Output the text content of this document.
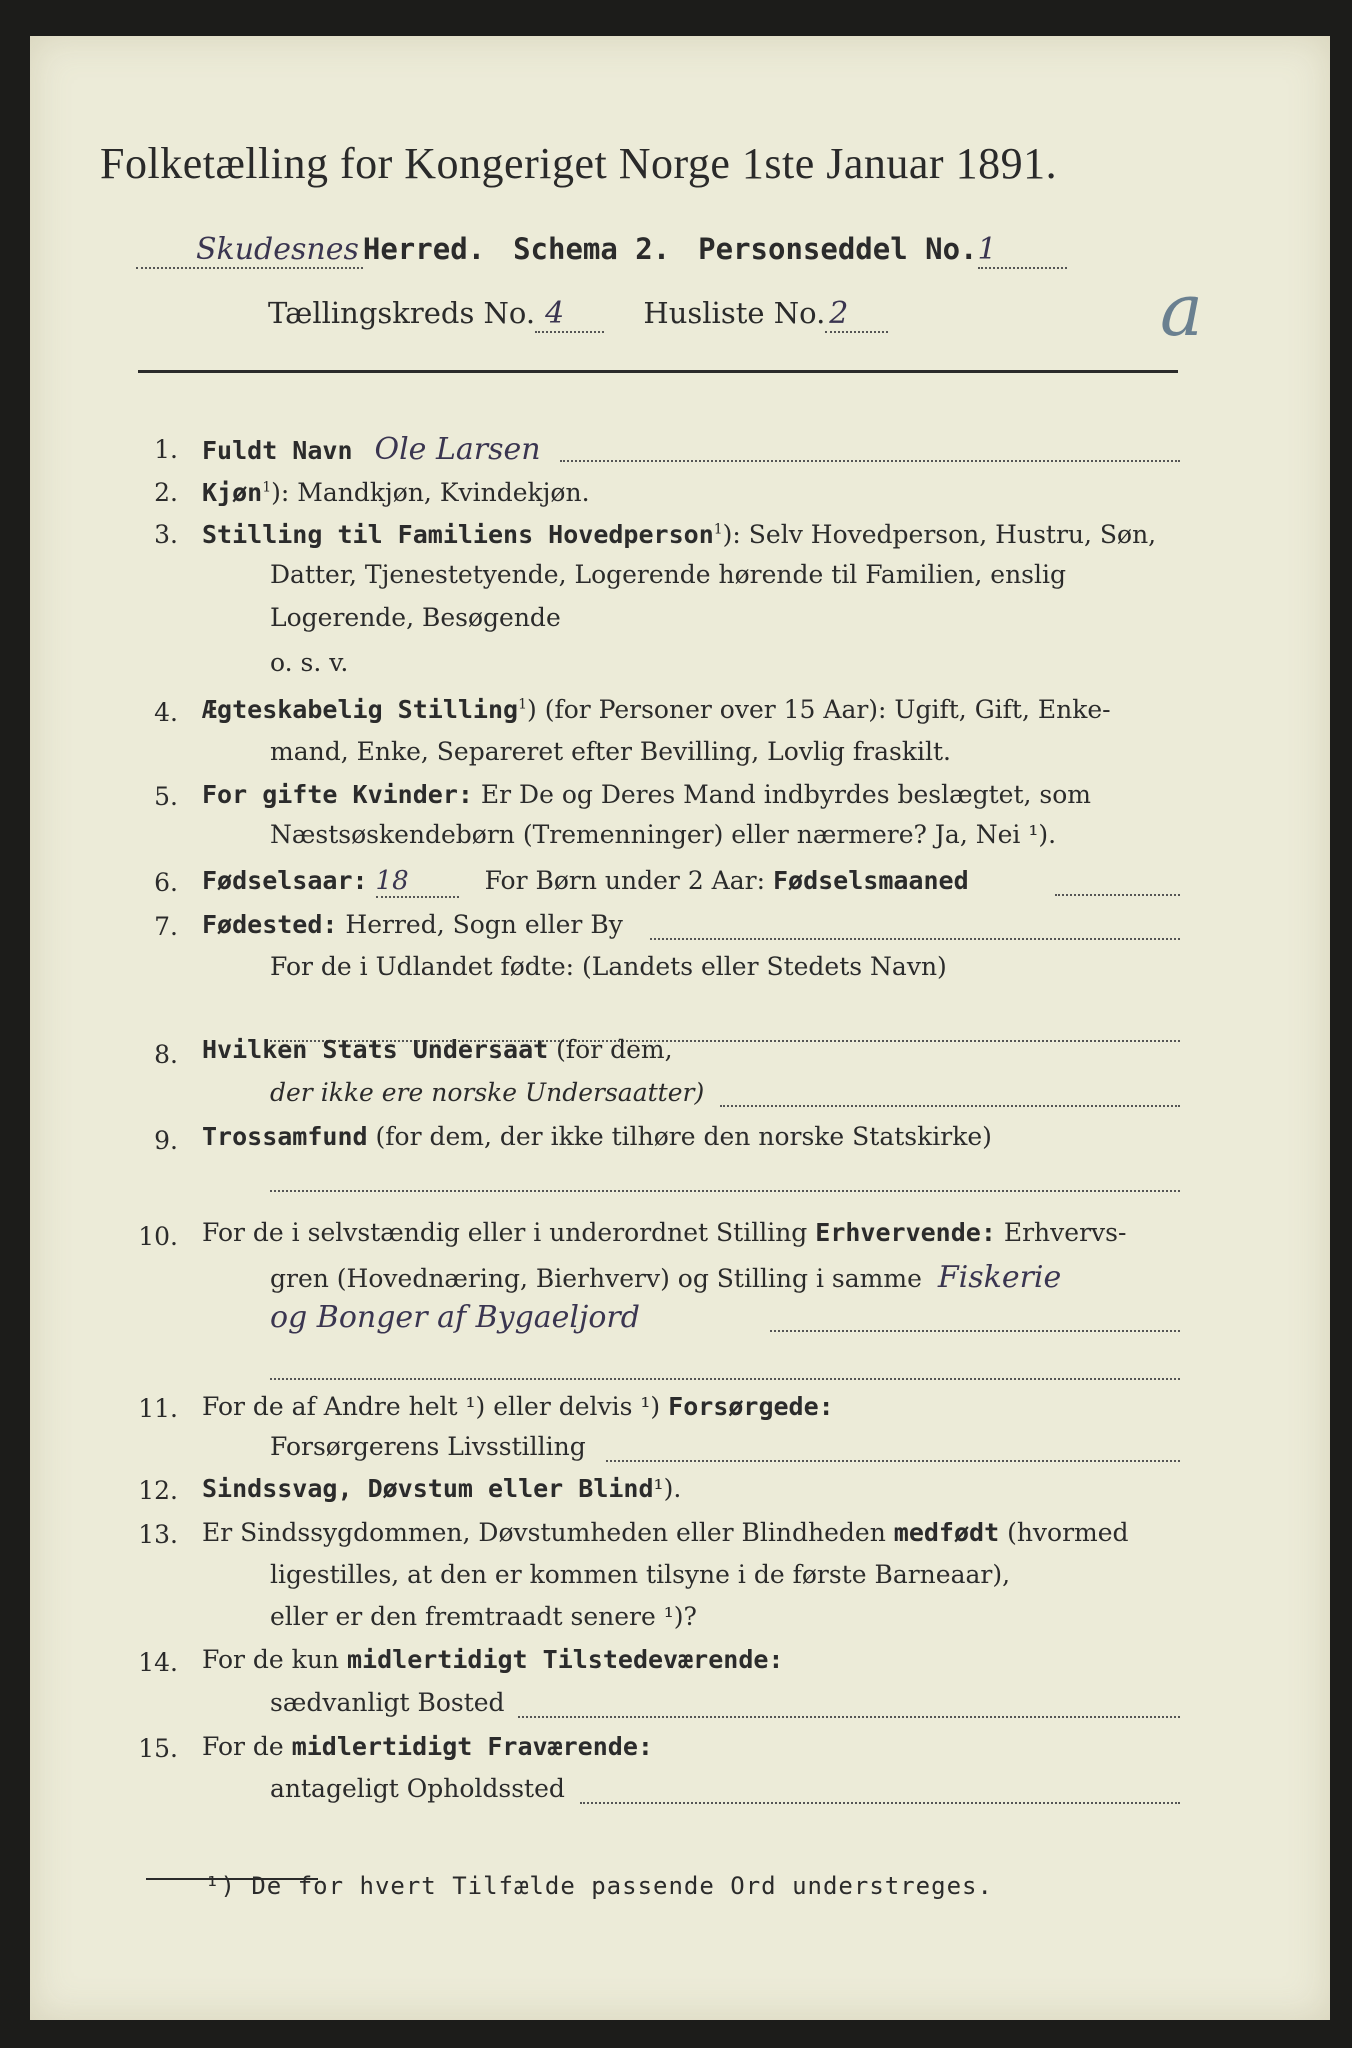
Folketælling for Kongeriget Norge 1ste Januar 1891.
Skudesnes Herred. Schema 2. Personseddel No.1
Tællingskreds No. 4	Husliste No. 2	a
1. Fuldt Navn Ole Larsen
2. Kjøn$^1$): Mandkjøn, Kvindekjøn.
3. Stilling til Familiens Hovedperson$^1$): Selv Hovedperson, Hustru, Søn,
Datter, Tjenestetyende, Logerende hørende til Familien, enslig
Logerende, Besøgende
o. s. v.
4. Ægteskabelig Stilling$^1$) (for Personer over 15 Aar): Ugift, Gift, Enke-
mand, Enke, Separeret efter Bevilling, Lovlig fraskilt.
5. For gifte Kvinder: Er De og Deres Mand indbyrdes beslægtet, som
Næstsøskendebørn (Tremenninger) eller nærmere? Ja, Nei ¹).
6. Fødselsaar: 18	For Børn under 2 Aar: Fødselsmaaned
7. Fødested: Herred, Sogn eller By
For de i Udlandet fødte: (Landets eller Stedets Navn)
8. Hvilken Stats Undersaat (for dem,
der ikke ere norske Undersaatter)
9. Trossamfund (for dem, der ikke tilhøre den norske Statskirke)
10. For de i selvstændig eller i underordnet Stilling Erhvervende: Erhvervs-
gren (Hovednæring, Bierhverv) og Stilling i samme Fiskerie
og Bonger af Bygaeljord
11. For de af Andre helt ¹) eller delvis ¹) Forsørgede:
Forsørgerens Livsstilling
12. Sindssvag, Døvstum eller Blind¹).
13. Er Sindssygdommen, Døvstumheden eller Blindheden medfødt (hvormed
ligestilles, at den er kommen tilsyne i de første Barneaar),
eller er den fremtraadt senere ¹)?
14. For de kun midlertidigt Tilstedeværende:
sædvanligt Bosted
15. For de midlertidigt Fraværende:
antageligt Opholdssted
¹) De for hvert Tilfælde passende Ord understreges.
